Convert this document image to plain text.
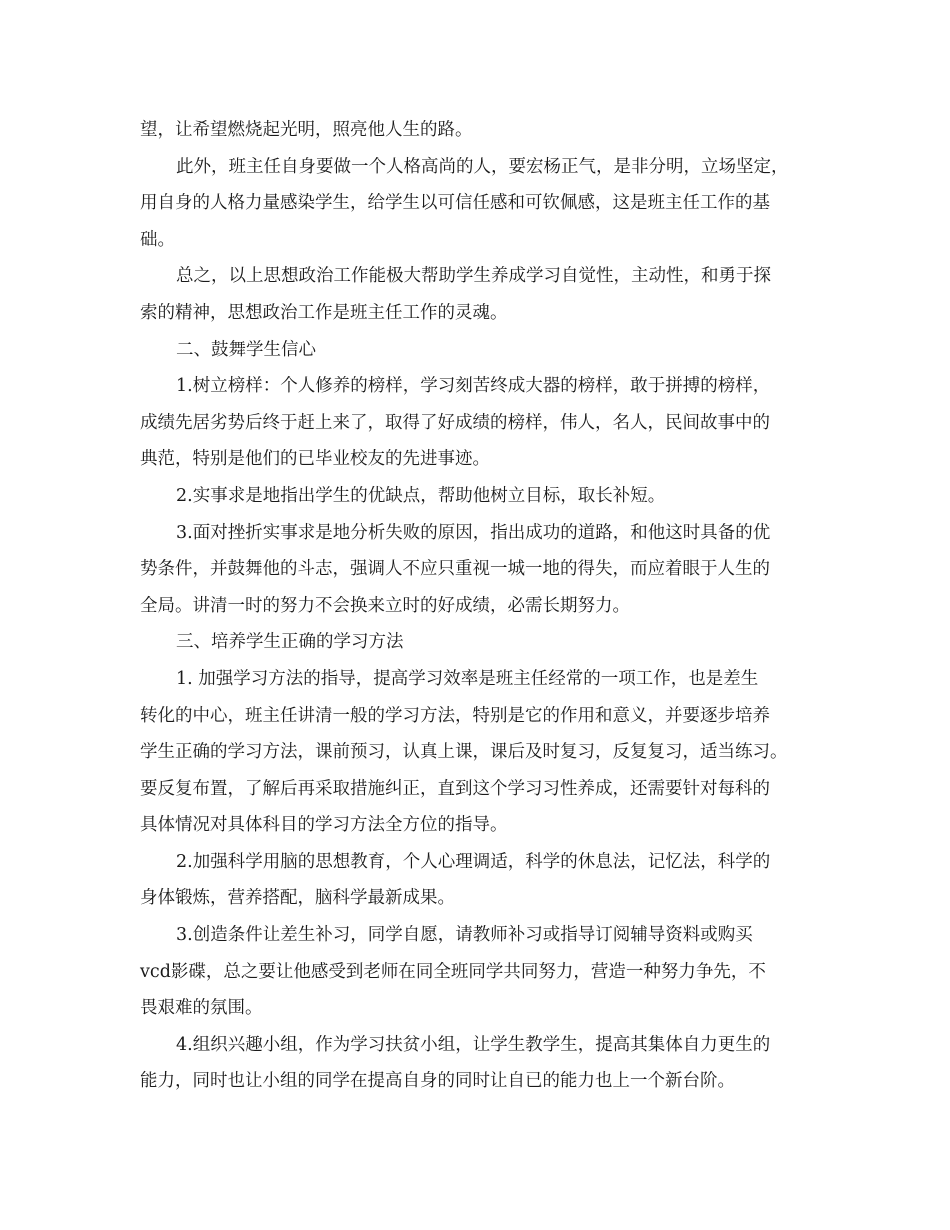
望，让希望燃烧起光明，照亮他人生的路。
此外，班主任自身要做一个人格高尚的人，要宏杨正气，是非分明，立场坚定，
用自身的人格力量感染学生，给学生以可信任感和可钦佩感，这是班主任工作的基
础。
总之，以上思想政治工作能极大帮助学生养成学习自觉性，主动性，和勇于探
索的精神，思想政治工作是班主任工作的灵魂。
二、鼓舞学生信心
1.树立榜样：个人修养的榜样，学习刻苦终成大器的榜样，敢于拼搏的榜样，
成绩先居劣势后终于赶上来了，取得了好成绩的榜样，伟人，名人，民间故事中的
典范，特别是他们的已毕业校友的先进事迹。
2.实事求是地指出学生的优缺点，帮助他树立目标，取长补短。
3.面对挫折实事求是地分析失败的原因，指出成功的道路，和他这时具备的优
势条件，并鼓舞他的斗志，强调人不应只重视一城一地的得失，而应着眼于人生的
全局。讲清一时的努力不会换来立时的好成绩，必需长期努力。
三、培养学生正确的学习方法
1. 加强学习方法的指导，提高学习效率是班主任经常的一项工作，也是差生
转化的中心，班主任讲清一般的学习方法，特别是它的作用和意义，并要逐步培养
学生正确的学习方法，课前预习，认真上课，课后及时复习，反复复习，适当练习。
要反复布置，了解后再采取措施纠正，直到这个学习习性养成，还需要针对每科的
具体情况对具体科目的学习方法全方位的指导。
2.加强科学用脑的思想教育，个人心理调适，科学的休息法，记忆法，科学的
身体锻炼，营养搭配，脑科学最新成果。
3.创造条件让差生补习，同学自愿，请教师补习或指导订阅辅导资料或购买
vcd影碟，总之要让他感受到老师在同全班同学共同努力，营造一种努力争先，不
畏艰难的氛围。
4.组织兴趣小组，作为学习扶贫小组，让学生教学生，提高其集体自力更生的
能力，同时也让小组的同学在提高自身的同时让自已的能力也上一个新台阶。
